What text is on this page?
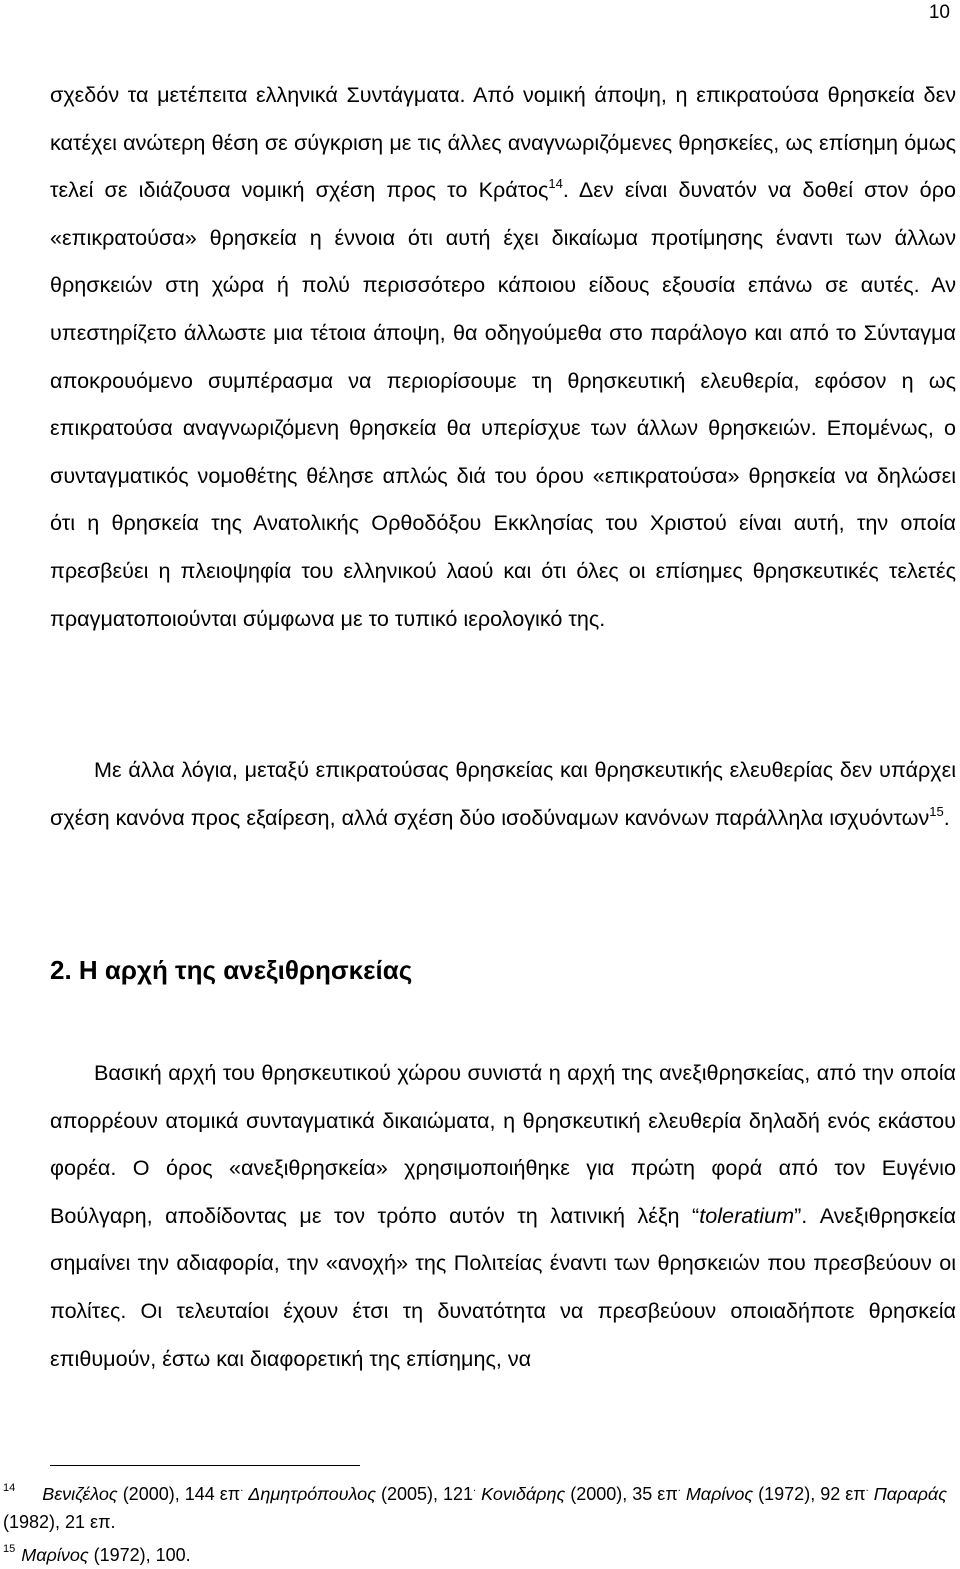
10

σχεδόν τα μετέπειτα ελληνικά Συντάγματα. Από νομική άποψη, η επικρατούσα θρησκεία δεν κατέχει ανώτερη θέση σε σύγκριση με τις άλλες αναγνωριζόμενες θρησκείες, ως επίσημη όμως τελεί σε ιδιάζουσα νομική σχέση προς το Κράτος$^{14}$. Δεν είναι δυνατόν να δοθεί στον όρο «επικρατούσα» θρησκεία η έννοια ότι αυτή έχει δικαίωμα προτίμησης έναντι των άλλων θρησκειών στη χώρα ή πολύ περισσότερο κάποιου είδους εξουσία επάνω σε αυτές. Αν υπεστηρίζετο άλλωστε μια τέτοια άποψη, θα οδηγούμεθα στο παράλογο και από το Σύνταγμα αποκρουόμενο συμπέρασμα να περιορίσουμε τη θρησκευτική ελευθερία, εφόσον η ως επικρατούσα αναγνωριζόμενη θρησκεία θα υπερίσχυε των άλλων θρησκειών. Επομένως, ο συνταγματικός νομοθέτης θέλησε απλώς διά του όρου «επικρατούσα» θρησκεία να δηλώσει ότι η θρησκεία της Ανατολικής Ορθοδόξου Εκκλησίας του Χριστού είναι αυτή, την οποία πρεσβεύει η πλειοψηφία του ελληνικού λαού και ότι όλες οι επίσημες θρησκευτικές τελετές πραγματοποιούνται σύμφωνα με το τυπικό ιερολογικό της.

Με άλλα λόγια, μεταξύ επικρατούσας θρησκείας και θρησκευτικής ελευθερίας δεν υπάρχει σχέση κανόνα προς εξαίρεση, αλλά σχέση δύο ισοδύναμων κανόνων παράλληλα ισχυόντων$^{15}$.

2. Η αρχή της ανεξιθρησκείας

Βασική αρχή του θρησκευτικού χώρου συνιστά η αρχή της ανεξιθρησκείας, από την οποία απορρέουν ατομικά συνταγματικά δικαιώματα, η θρησκευτική ελευθερία δηλαδή ενός εκάστου φορέα. Ο όρος «ανεξιθρησκεία» χρησιμοποιήθηκε για πρώτη φορά από τον Ευγένιο Βούλγαρη, αποδίδοντας με τον τρόπο αυτόν τη λατινική λέξη “toleratium”. Ανεξιθρησκεία σημαίνει την αδιαφορία, την «ανοχή» της Πολιτείας έναντι των θρησκειών που πρεσβεύουν οι πολίτες. Οι τελευταίοι έχουν έτσι τη δυνατότητα να πρεσβεύουν οποιαδήποτε θρησκεία επιθυμούν, έστω και διαφορετική της επίσημης, να

$^{14}$ Βενιζέλος (2000), 144 επ. Δημητρόπουλος (2005), 121. Κονιδάρης (2000), 35 επ. Μαρίνος (1972), 92 επ. Παραράς (1982), 21 επ.

$^{15}$ Μαρίνος (1972), 100.
